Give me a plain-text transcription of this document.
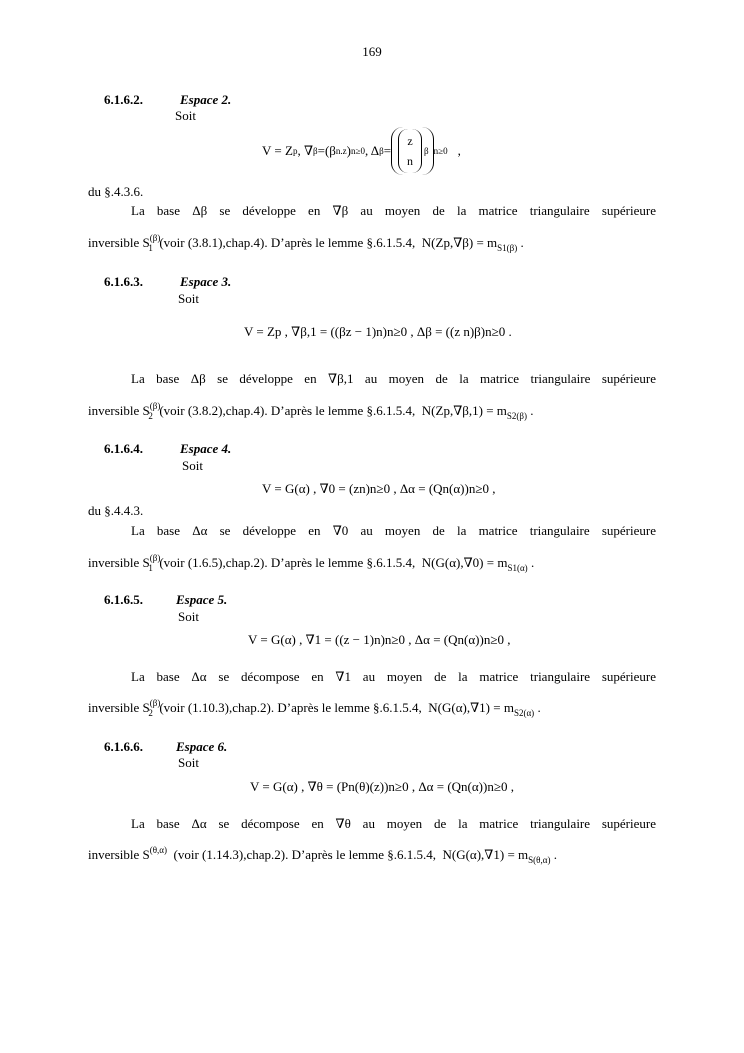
169
6.1.6.2.	Espace 2.
Soit
V = Z p , ∇ β = (β n.z ) n≥0 , Δ β =
z
n
β n≥0 ,
du §.4.3.6.
La base Δβ se développe en ∇β au moyen de la matrice triangulaire supérieure
inversible $S^{(\beta)}_1$ (voir (3.8.1),chap.4). D’après le lemme §.6.1.5.4, $N(Zp,\nabla\beta) = m_{S1(\beta)}$ .
6.1.6.3.	Espace 3.
Soit
V = Zp , ∇β,1 = ((βz − 1)n)n≥0 , Δβ = ((z n)β)n≥0 .
La base Δβ se développe en ∇β,1 au moyen de la matrice triangulaire supérieure
inversible $S^{(\beta)}_2$ (voir (3.8.2),chap.4). D’après le lemme §.6.1.5.4, $N(Zp,\nabla\beta,1) = m_{S2(\beta)}$ .
6.1.6.4.	Espace 4.
Soit
V = G(α) , ∇0 = (zn)n≥0 , Δα = (Qn(α))n≥0 ,
du §.4.4.3.
La base Δα se développe en ∇0 au moyen de la matrice triangulaire supérieure
inversible $S^{(\beta)}_1$ (voir (1.6.5),chap.2). D’après le lemme §.6.1.5.4, $N(G(\alpha),\nabla 0) = m_{S1(\alpha)}$ .
6.1.6.5.	Espace 5.
Soit
V = G(α) , ∇1 = ((z − 1)n)n≥0 , Δα = (Qn(α))n≥0 ,
La base Δα se décompose en ∇1 au moyen de la matrice triangulaire supérieure
inversible $S^{(\beta)}_2$ (voir (1.10.3),chap.2). D’après le lemme §.6.1.5.4, $N(G(\alpha),\nabla 1) = m_{S2(\alpha)}$ .
6.1.6.6.	Espace 6.
Soit
V = G(α) , ∇θ = (Pn(θ)(z))n≥0 , Δα = (Qn(α))n≥0 ,
La base Δα se décompose en ∇θ au moyen de la matrice triangulaire supérieure
inversible $S^{(\theta,\alpha)}$ (voir (1.14.3),chap.2). D’après le lemme §.6.1.5.4, $N(G(\alpha),\nabla 1) = m_{S(\theta,\alpha)}$ .
